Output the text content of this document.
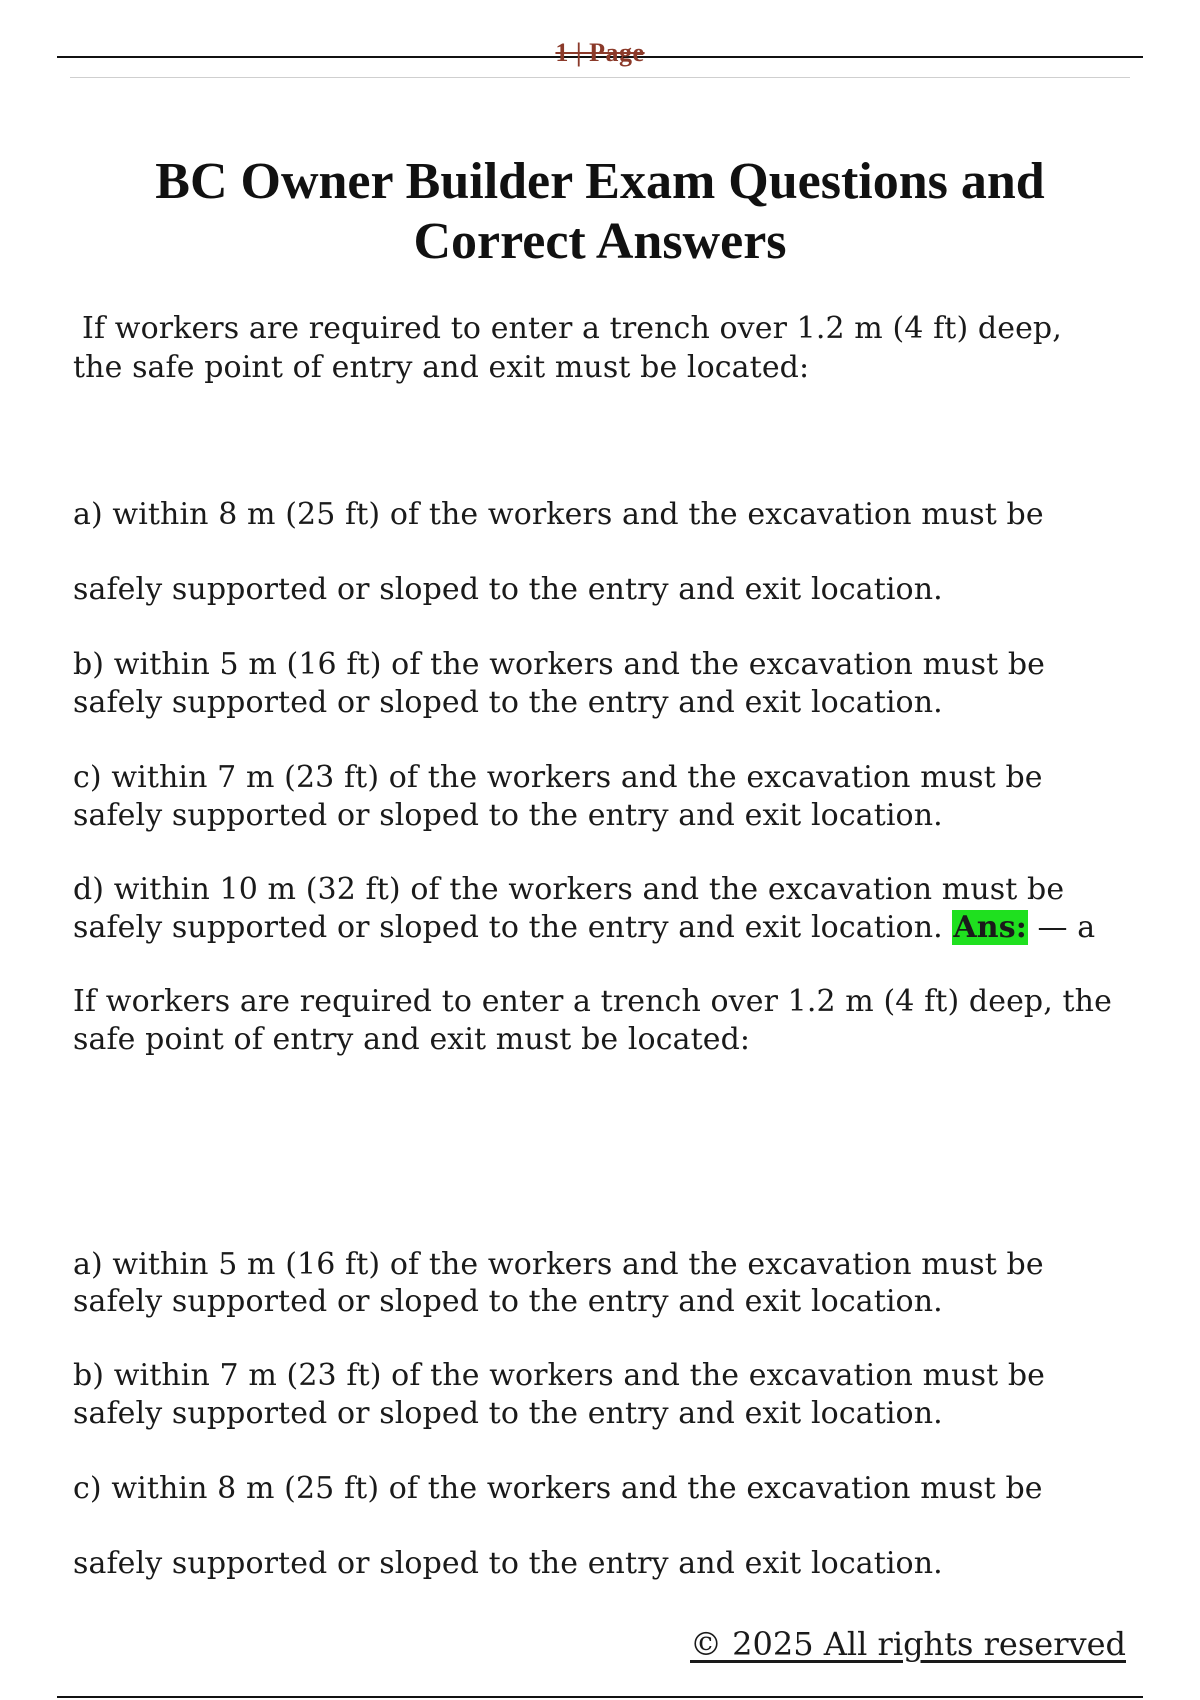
1 | Page
BC Owner Builder Exam Questions and
Correct Answers

If workers are required to enter a trench over 1.2 m (4 ft) deep,

the safe point of entry and exit must be located:

a) within 8 m (25 ft) of the workers and the excavation must be

safely supported or sloped to the entry and exit location.

b) within 5 m (16 ft) of the workers and the excavation must be

safely supported or sloped to the entry and exit location.

c) within 7 m (23 ft) of the workers and the excavation must be

safely supported or sloped to the entry and exit location.

d) within 10 m (32 ft) of the workers and the excavation must be

safely supported or sloped to the entry and exit location. Ans: — a

If workers are required to enter a trench over 1.2 m (4 ft) deep, the

safe point of entry and exit must be located:

a) within 5 m (16 ft) of the workers and the excavation must be

safely supported or sloped to the entry and exit location.

b) within 7 m (23 ft) of the workers and the excavation must be

safely supported or sloped to the entry and exit location.

c) within 8 m (25 ft) of the workers and the excavation must be

safely supported or sloped to the entry and exit location.

© 2025 All rights reserved
